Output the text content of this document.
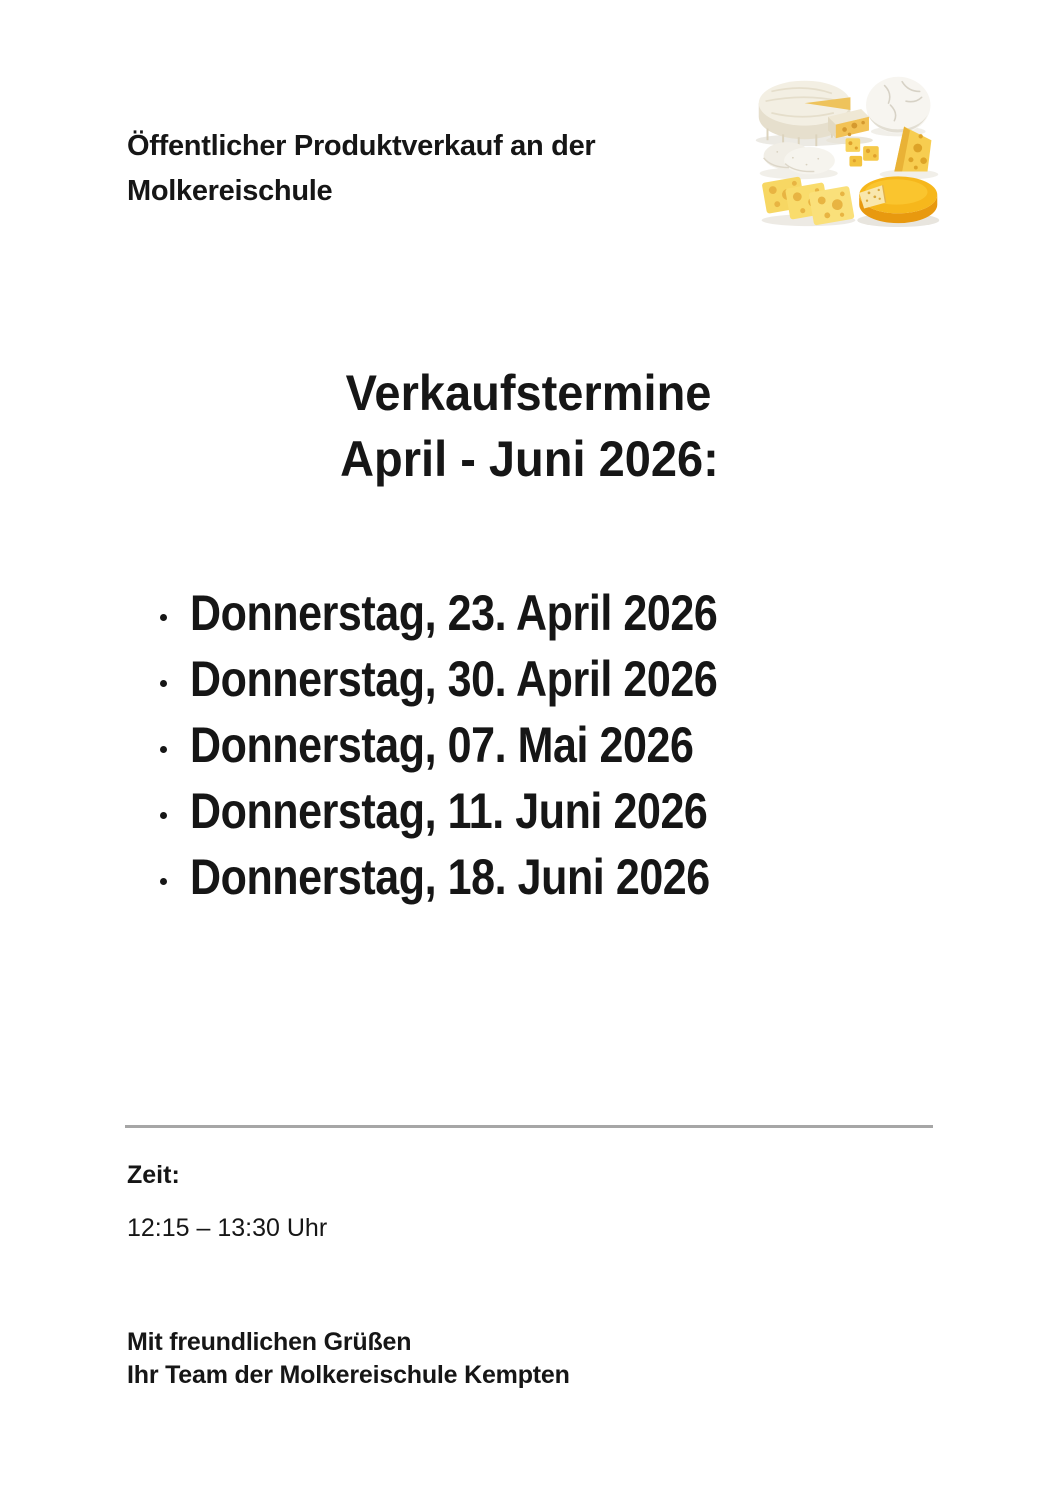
Öffentlicher Produktverkauf an der
Molkereischule
Verkaufstermine
April - Juni 2026:
Donnerstag, 23. April 2026
Donnerstag, 30. April 2026
Donnerstag, 07. Mai 2026
Donnerstag, 11. Juni 2026
Donnerstag, 18. Juni 2026
Zeit:
12:15 – 13:30 Uhr
Mit freundlichen Grüßen
Ihr Team der Molkereischule Kempten
